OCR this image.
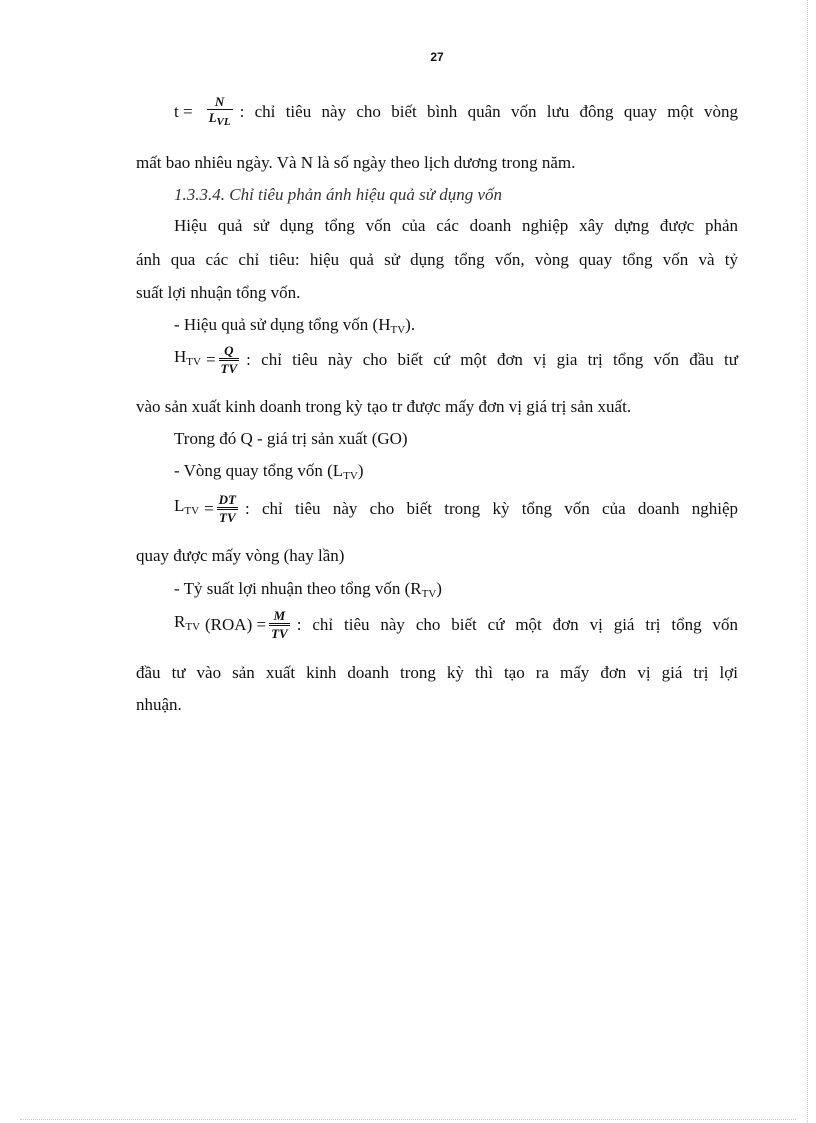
27
$t = \frac{N}{L_{VL}}$ : chỉ tiêu này cho biết bình quân vốn lưu đông quay một vòng
mất bao nhiêu ngày. Và N là số ngày theo lịch dương trong năm.
1.3.3.4. Chỉ tiêu phản ánh hiệu quả sử dụng vốn
Hiệu quả sử dụng tổng vốn của các doanh nghiệp xây dựng được phản
ánh qua các chỉ tiêu: hiệu quả sử dụng tổng vốn, vòng quay tổng vốn và tỷ
suất lợi nhuận tổng vốn.
- Hiệu quả sử dụng tổng vốn $(H_{TV})$.
$H_{TV} = \frac{Q}{TV}$ : chỉ tiêu này cho biết cứ một đơn vị gia trị tổng vốn đầu tư
vào sản xuất kinh doanh trong kỳ tạo tr được mấy đơn vị giá trị sản xuất.
Trong đó Q - giá trị sản xuất (GO)
- Vòng quay tổng vốn $(L_{TV})$
$L_{TV} = \frac{DT}{TV}$ : chỉ tiêu này cho biết trong kỳ tổng vốn của doanh nghiệp
quay được mấy vòng (hay lần)
- Tỷ suất lợi nhuận theo tổng vốn $(R_{TV})$
$R_{TV}$ $(ROA) = \frac{M}{TV}$ : chỉ tiêu này cho biết cứ một đơn vị giá trị tổng vốn
đầu tư vào sản xuất kinh doanh trong kỳ thì tạo ra mấy đơn vị giá trị lợi
nhuận.
